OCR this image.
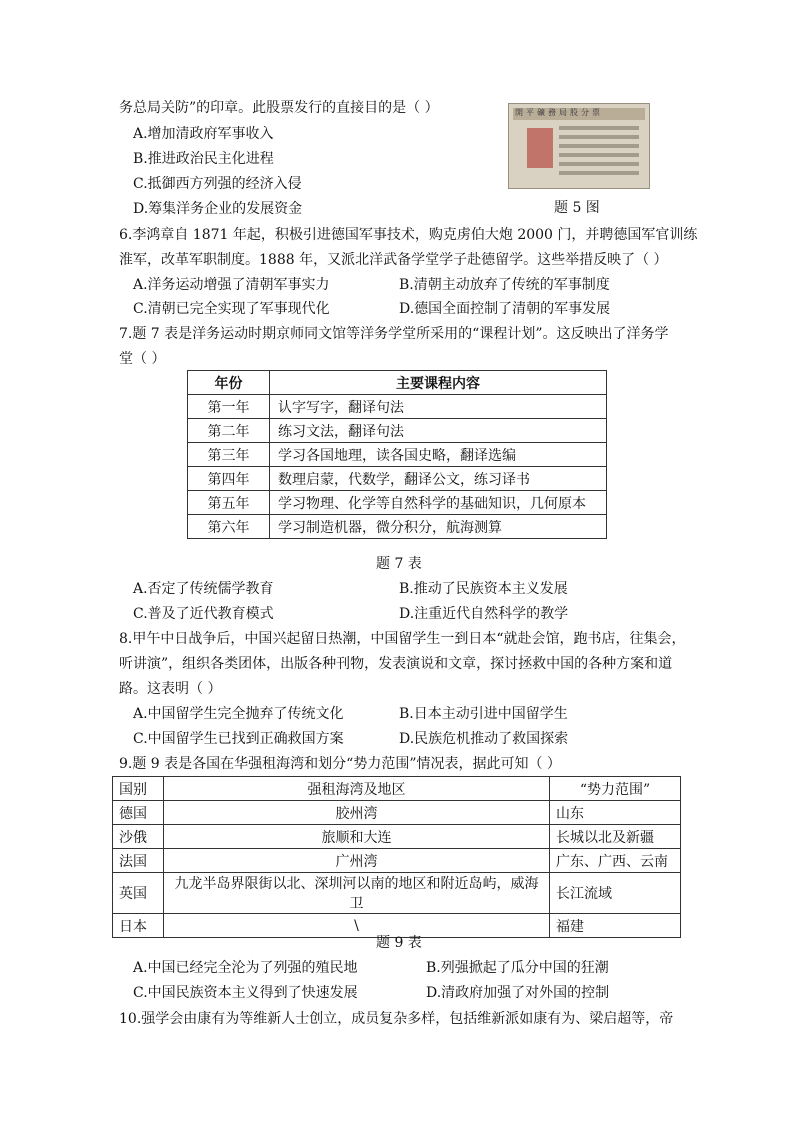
务总局关防”的印章。此股票发行的直接目的是（ ）
A.增加清政府军事收入
B.推进政治民主化进程
C.抵御西方列强的经济入侵
D.筹集洋务企业的发展资金
開平礦務局股分票
题 5 图
6.李鸿章自 1871 年起，积极引进德国军事技术，购克虏伯大炮 2000 门，并聘德国军官训练
淮军，改革军职制度。1888 年，又派北洋武备学堂学子赴德留学。这些举措反映了（ ）
A.洋务运动增强了清朝军事实力	B.清朝主动放弃了传统的军事制度
C.清朝已完全实现了军事现代化	D.德国全面控制了清朝的军事发展
7.题 7 表是洋务运动时期京师同文馆等洋务学堂所采用的“课程计划”。这反映出了洋务学
堂（ ）
年份	主要课程内容
第一年	认字写字，翻译句法
第二年	练习文法，翻译句法
第三年	学习各国地理，读各国史略，翻译选编
第四年	数理启蒙，代数学，翻译公文，练习译书
第五年	学习物理、化学等自然科学的基础知识，几何原本
第六年	学习制造机器，微分积分，航海测算
题 7 表
A.否定了传统儒学教育	B.推动了民族资本主义发展
C.普及了近代教育模式	D.注重近代自然科学的教学
8.甲午中日战争后，中国兴起留日热潮，中国留学生一到日本“就赴会馆，跑书店，往集会，
听讲演”，组织各类团体，出版各种刊物，发表演说和文章，探讨拯救中国的各种方案和道
路。这表明（ ）
A.中国留学生完全抛弃了传统文化	B.日本主动引进中国留学生
C.中国留学生已找到正确救国方案	D.民族危机推动了救国探索
9.题 9 表是各国在华强租海湾和划分“势力范围”情况表，据此可知（ ）
国别	强租海湾及地区	“势力范围”
德国	胶州湾	山东
沙俄	旅顺和大连	长城以北及新疆
法国	广州湾	广东、广西、云南
英国	九龙半岛界限街以北、深圳河以南的地区和附近岛屿，威海卫	长江流域
日本	\	福建
题 9 表
A.中国已经完全沦为了列强的殖民地	B.列强掀起了瓜分中国的狂潮
C.中国民族资本主义得到了快速发展	D.清政府加强了对外国的控制
10.强学会由康有为等维新人士创立，成员复杂多样，包括维新派如康有为、梁启超等，帝
